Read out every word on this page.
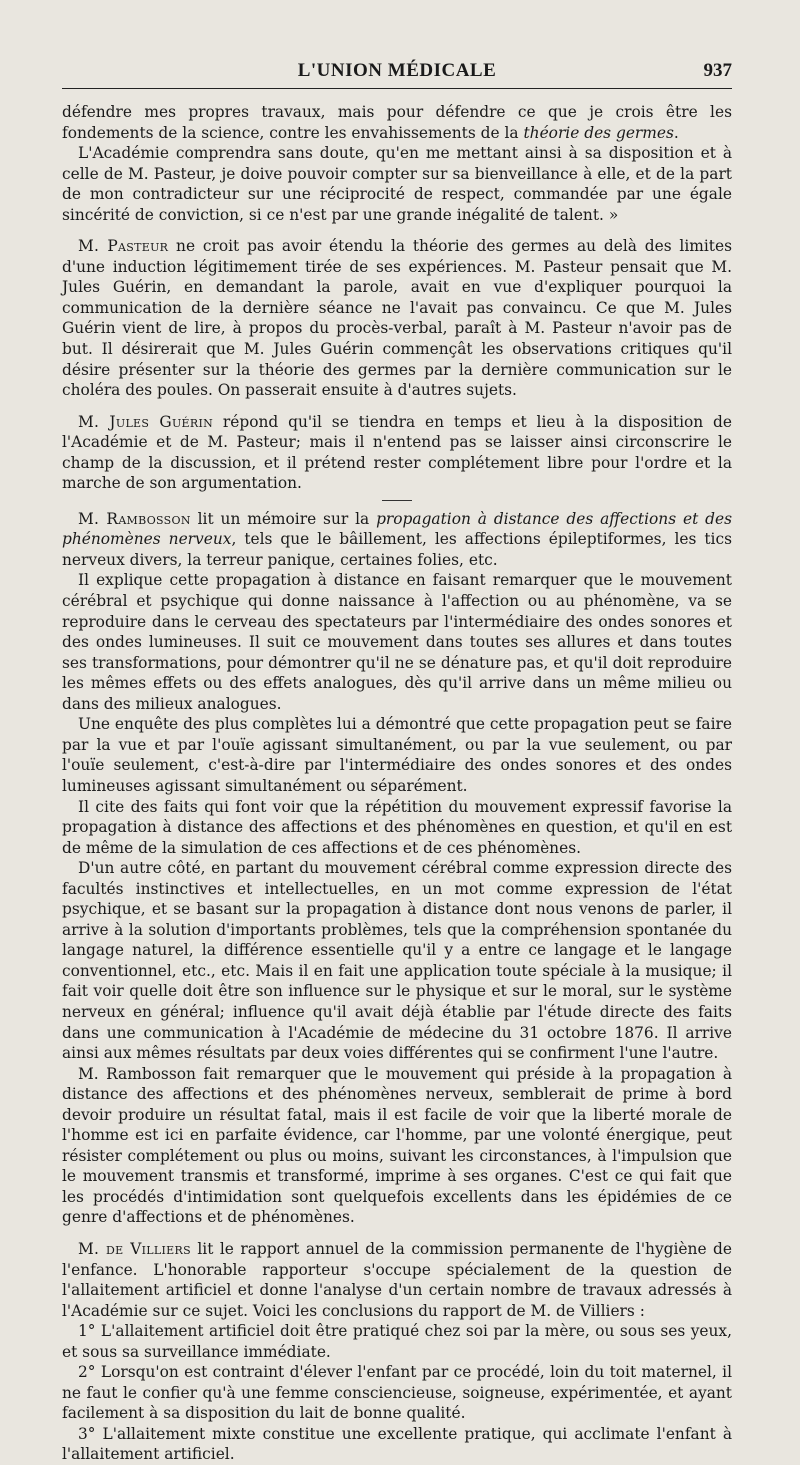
L'UNION MÉDICALE	937

défendre mes propres travaux, mais pour défendre ce que je crois être les fondements de la science, contre les envahissements de la théorie des germes.

L'Académie comprendra sans doute, qu'en me mettant ainsi à sa disposition et à celle de M. Pasteur, je doive pouvoir compter sur sa bienveillance à elle, et de la part de mon contradicteur sur une réciprocité de respect, commandée par une égale sincérité de conviction, si ce n'est par une grande inégalité de talent. »

M. Pasteur ne croit pas avoir étendu la théorie des germes au delà des limites d'une induction légitimement tirée de ses expériences. M. Pasteur pensait que M. Jules Guérin, en demandant la parole, avait en vue d'expliquer pourquoi la communication de la dernière séance ne l'avait pas convaincu. Ce que M. Jules Guérin vient de lire, à propos du procès-verbal, paraît à M. Pasteur n'avoir pas de but. Il désirerait que M. Jules Guérin commençât les observations critiques qu'il désire présenter sur la théorie des germes par la dernière communication sur le choléra des poules. On passerait ensuite à d'autres sujets.

M. Jules Guérin répond qu'il se tiendra en temps et lieu à la disposition de l'Académie et de M. Pasteur; mais il n'entend pas se laisser ainsi circonscrire le champ de la discussion, et il prétend rester complétement libre pour l'ordre et la marche de son argumentation.

M. Rambosson lit un mémoire sur la propagation à distance des affections et des phénomènes nerveux, tels que le bâillement, les affections épileptiformes, les tics nerveux divers, la terreur panique, certaines folies, etc.

Il explique cette propagation à distance en faisant remarquer que le mouvement cérébral et psychique qui donne naissance à l'affection ou au phénomène, va se reproduire dans le cerveau des spectateurs par l'intermédiaire des ondes sonores et des ondes lumineuses. Il suit ce mouvement dans toutes ses allures et dans toutes ses transformations, pour démontrer qu'il ne se dénature pas, et qu'il doit reproduire les mêmes effets ou des effets analogues, dès qu'il arrive dans un même milieu ou dans des milieux analogues.

Une enquête des plus complètes lui a démontré que cette propagation peut se faire par la vue et par l'ouïe agissant simultanément, ou par la vue seulement, ou par l'ouïe seulement, c'est-à-dire par l'intermédiaire des ondes sonores et des ondes lumineuses agissant simultanément ou séparément.

Il cite des faits qui font voir que la répétition du mouvement expressif favorise la propagation à distance des affections et des phénomènes en question, et qu'il en est de même de la simulation de ces affections et de ces phénomènes.

D'un autre côté, en partant du mouvement cérébral comme expression directe des facultés instinctives et intellectuelles, en un mot comme expression de l'état psychique, et se basant sur la propagation à distance dont nous venons de parler, il arrive à la solution d'importants problèmes, tels que la compréhension spontanée du langage naturel, la différence essentielle qu'il y a entre ce langage et le langage conventionnel, etc., etc. Mais il en fait une application toute spéciale à la musique; il fait voir quelle doit être son influence sur le physique et sur le moral, sur le système nerveux en général; influence qu'il avait déjà établie par l'étude directe des faits dans une communication à l'Académie de médecine du 31 octobre 1876. Il arrive ainsi aux mêmes résultats par deux voies différentes qui se confirment l'une l'autre.

M. Rambosson fait remarquer que le mouvement qui préside à la propagation à distance des affections et des phénomènes nerveux, semblerait de prime à bord devoir produire un résultat fatal, mais il est facile de voir que la liberté morale de l'homme est ici en parfaite évidence, car l'homme, par une volonté énergique, peut résister complétement ou plus ou moins, suivant les circonstances, à l'impulsion que le mouvement transmis et transformé, imprime à ses organes. C'est ce qui fait que les procédés d'intimidation sont quelquefois excellents dans les épidémies de ce genre d'affections et de phénomènes.

M. de Villiers lit le rapport annuel de la commission permanente de l'hygiène de l'enfance. L'honorable rapporteur s'occupe spécialement de la question de l'allaitement artificiel et donne l'analyse d'un certain nombre de travaux adressés à l'Académie sur ce sujet. Voici les conclusions du rapport de M. de Villiers :

1° L'allaitement artificiel doit être pratiqué chez soi par la mère, ou sous ses yeux, et sous sa surveillance immédiate.

2° Lorsqu'on est contraint d'élever l'enfant par ce procédé, loin du toit maternel, il ne faut le confier qu'à une femme consciencieuse, soigneuse, expérimentée, et ayant facilement à sa disposition du lait de bonne qualité.

3° L'allaitement mixte constitue une excellente pratique, qui acclimate l'enfant à l'allaitement artificiel.
